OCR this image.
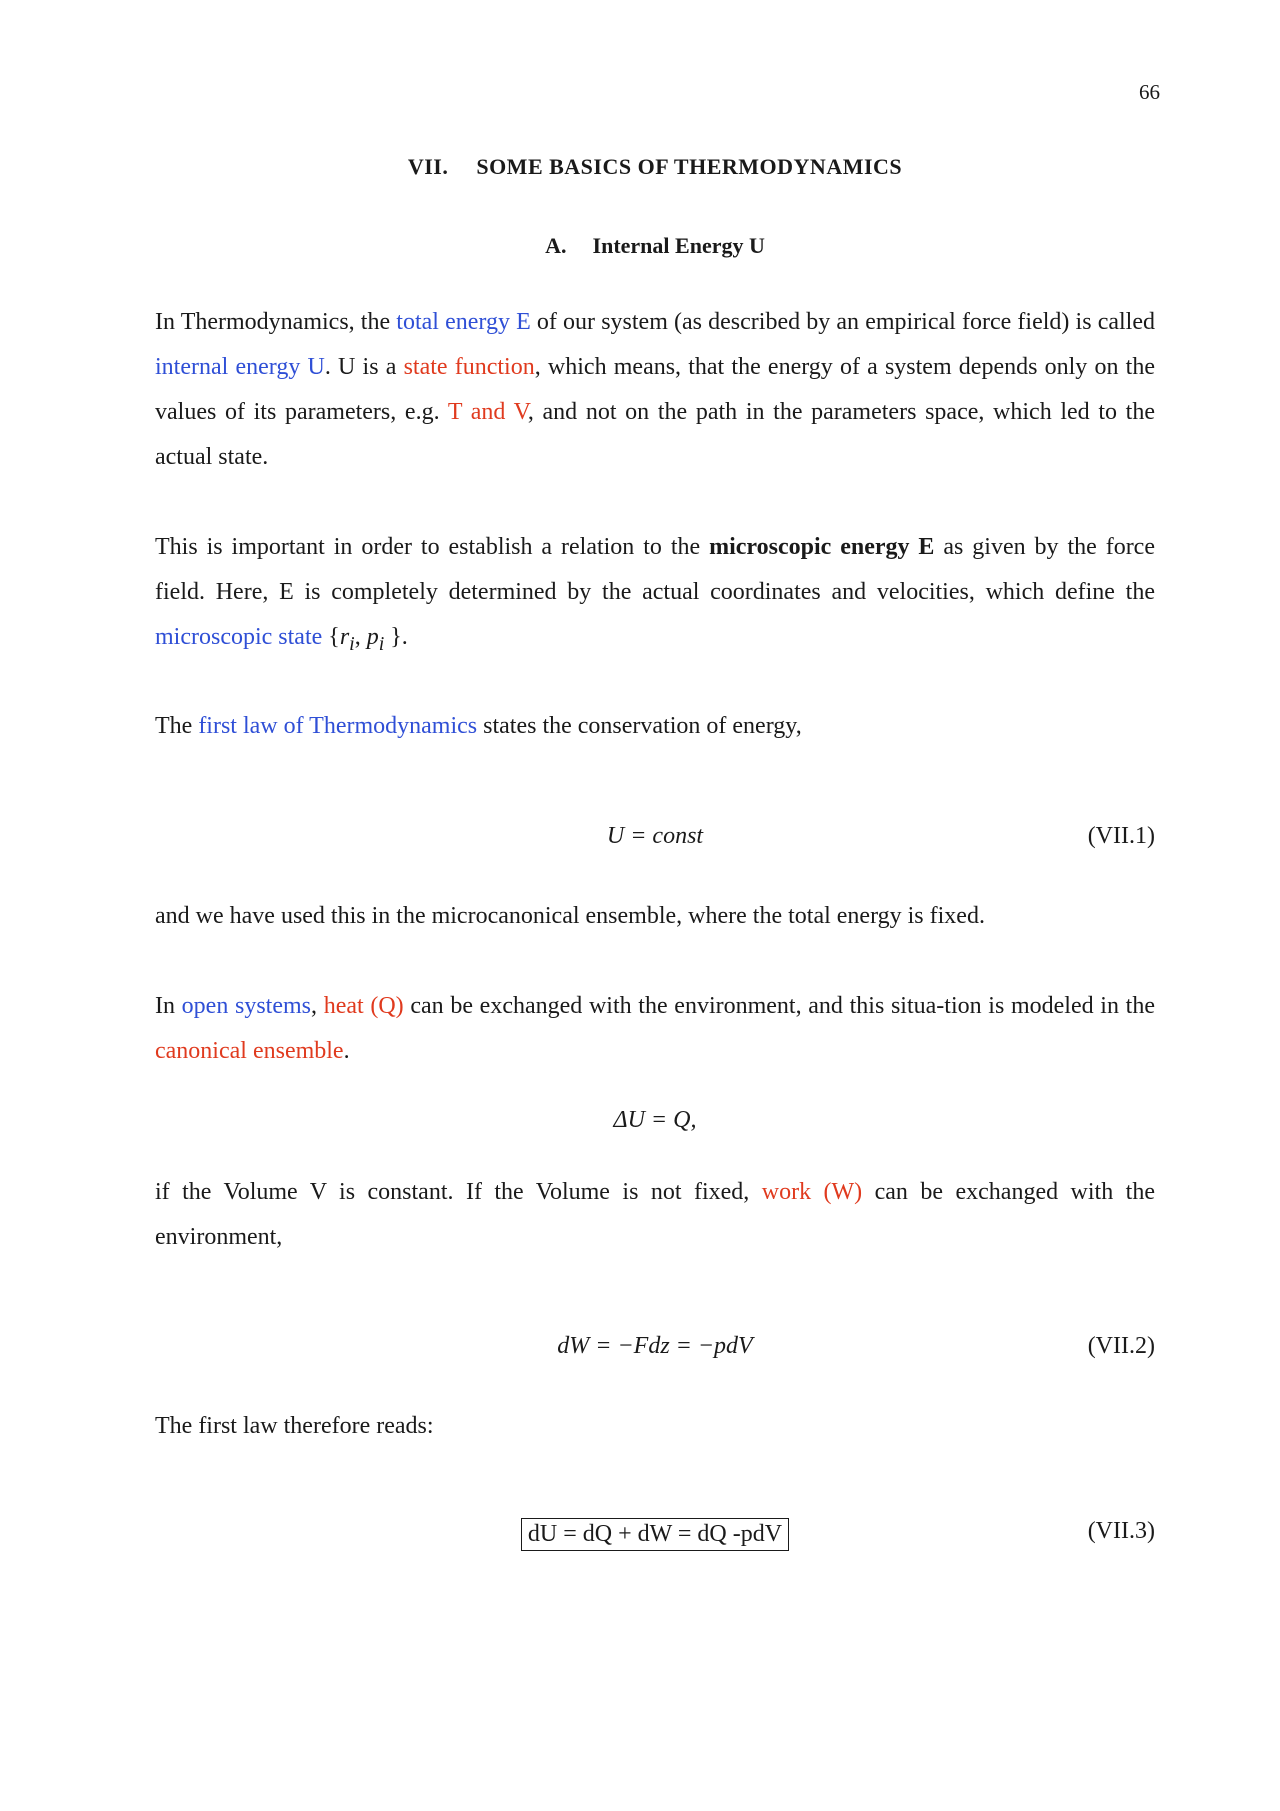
66
VII. SOME BASICS OF THERMODYNAMICS
A. Internal Energy U

In Thermodynamics, the total energy E of our system (as described by an empirical force field) is called internal energy U. U is a state function, which means, that the energy of a system depends only on the values of its parameters, e.g. T and V, and not on the path in the parameters space, which led to the actual state.

This is important in order to establish a relation to the microscopic energy E as given by the force field. Here, E is completely determined by the actual coordinates and velocities, which define the microscopic state {$r_i$, $p_i$ }.

The first law of Thermodynamics states the conservation of energy,

U = const	(VII.1)

and we have used this in the microcanonical ensemble, where the total energy is fixed.

In open systems, heat (Q) can be exchanged with the environment, and this situa-tion is modeled in the canonical ensemble.

ΔU = Q,

if the Volume V is constant. If the Volume is not fixed, work (W) can be exchanged with the environment,

dW = −Fdz = −pdV	(VII.2)

The first law therefore reads:

dU = dQ + dW = dQ -pdV	(VII.3)
